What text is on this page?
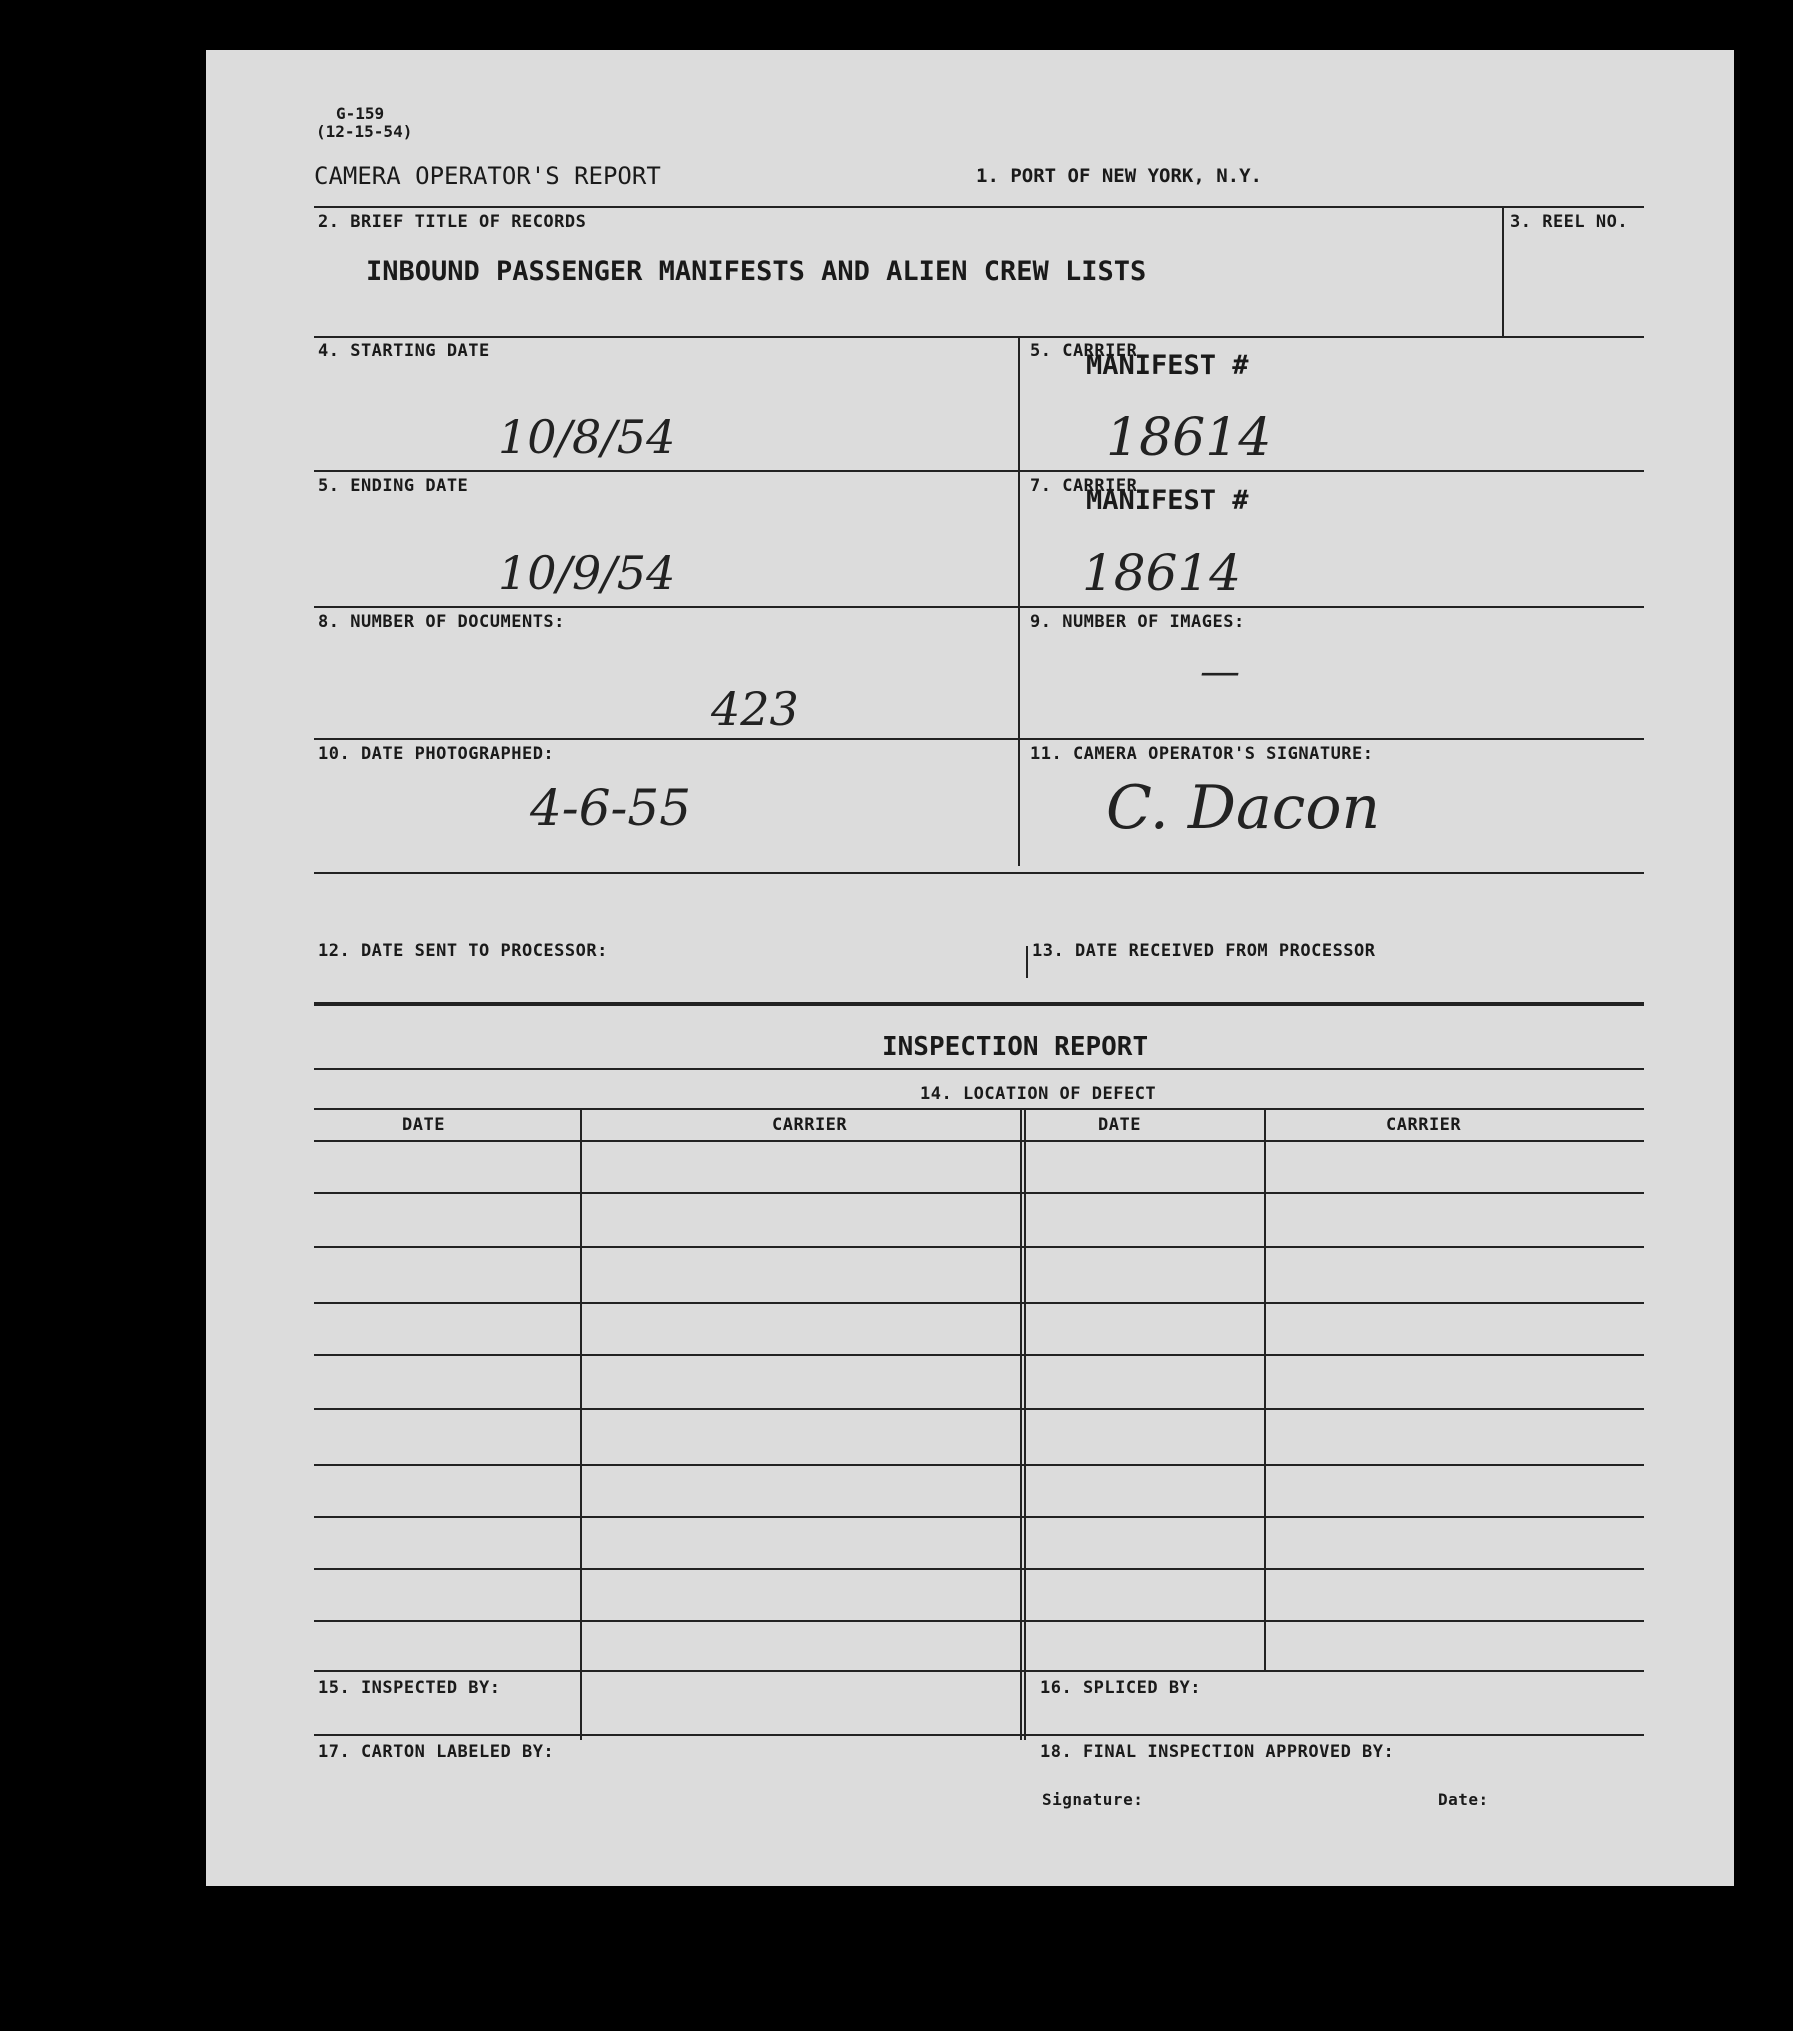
G-159
(12-15-54)
CAMERA OPERATOR'S REPORT	1. PORT OF NEW YORK, N.Y.
2. BRIEF TITLE OF RECORDS
INBOUND PASSENGER MANIFESTS AND ALIEN CREW LISTS
3. REEL NO.
4. STARTING DATE
10/8/54
5. CARRIER
MANIFEST #
18614
5. ENDING DATE
10/9/54
7. CARRIER
MANIFEST #
18614
8. NUMBER OF DOCUMENTS:
423
9. NUMBER OF IMAGES:
—
10. DATE PHOTOGRAPHED:
4-6-55
11. CAMERA OPERATOR'S SIGNATURE:
C. Dacon
12. DATE SENT TO PROCESSOR:	13. DATE RECEIVED FROM PROCESSOR
INSPECTION REPORT
14. LOCATION OF DEFECT
DATE	CARRIER	DATE	CARRIER
15. INSPECTED BY:	16. SPLICED BY:
17. CARTON LABELED BY:	18. FINAL INSPECTION APPROVED BY:
Signature:	Date:
